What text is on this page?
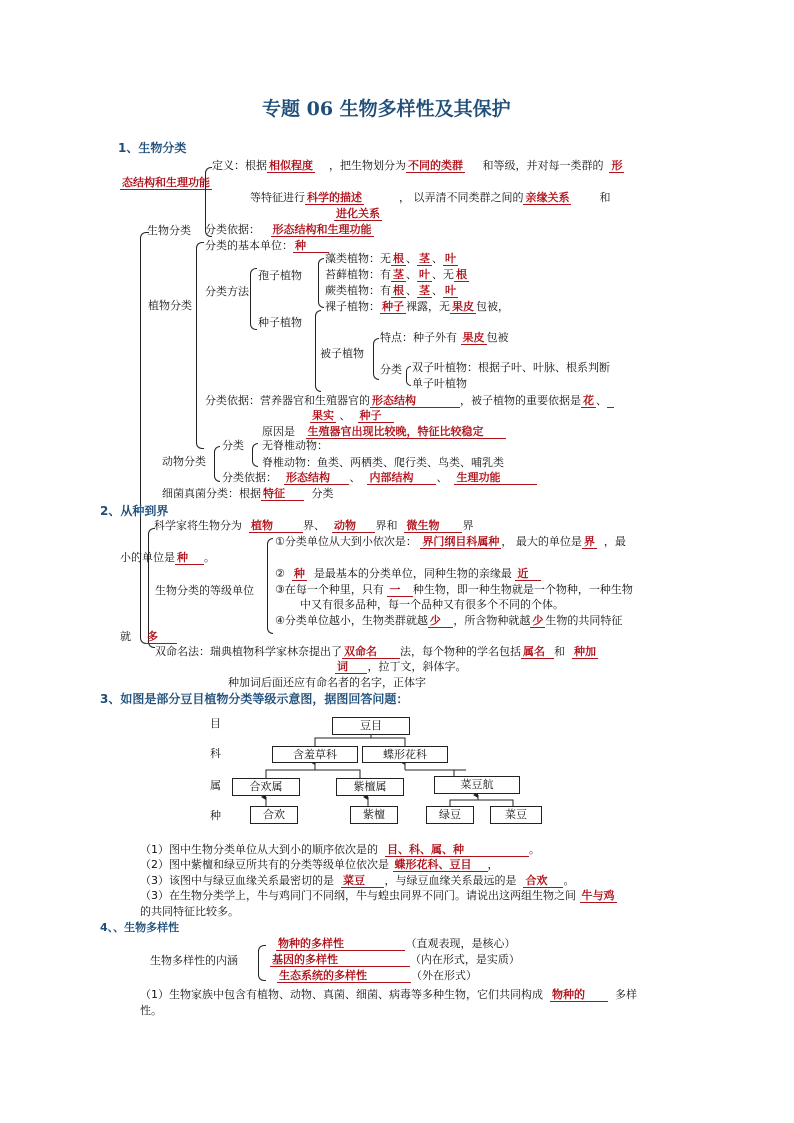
专题 06 生物多样性及其保护
1、生物分类
定义：根据 相似程度 ，把生物划分为 不同的类群 和等级，并对每一类群的 形
态结构和生理功能
等特征进行 科学的描述	， 以弄清不同类群之间的 亲缘关系	和
进化关系
生物分类 分类依据： 形态结构和生理功能
分类的基本单位： 种
植物分类
分类方法
孢子植物
种子植物
藻类植物：无 根 、 茎 、 叶
苔藓植物：有 茎 、 叶 、无 根
蕨类植物：有 根 、 茎 、 叶
裸子植物： 种子 裸露，无 果皮 包被，
被子植物
特点：种子外有 果皮 包被
分类 双子叶植物：根据子叶、叶脉、根系判断
单子叶植物
分类依据：营养器官和生殖器官的 形态结构	，被子植物的重要依据是 花 、
果实 、 种子
原因是 生殖器官出现比较晚，特征比较稳定
动物分类
分类 无脊椎动物：
脊椎动物：鱼类、两栖类、爬行类、鸟类、哺乳类
分类依据： 形态结构 、 内部结构 、 生理功能
细菌真菌分类：根据 特征 分类
2、从种到界
科学家将生物分为 植物	界、 动物 界和 微生物 界
小的单位是 种 。
①分类单位从大到小依次是： 界门纲目科属种 ， 最大的单位是 界 ，最
生物分类的等级单位
②  种 是最基本的分类单位，同种生物的亲缘最 近
③在每一个种里，只有 一 种生物，即一种生物就是一个物种，一种生物
中又有很多品种，每一个品种又有很多个不同的个体。
④分类单位越小，生物类群就越 少 ，所含物种就越 少 生物的共同特征
就 多
双命名法：瑞典植物科学家林奈提出了 双命名 法，每个物种的学名包括 属名 和 种加
词 ，拉丁文，斜体字。
种加词后面还应有命名者的名字，正体字
3、如图是部分豆目植物分类等级示意图，据图回答问题：
目
科
属
种
豆目
含羞草科	蝶形花科
合欢属	紫檀属	菜豆航
合欢	紫檀	绿豆	菜豆
（1）图中生物分类单位从大到小的顺序依次是的 目、科、属、种	。
（2）图中紫檀和绿豆所共有的分类等级单位依次是 蝶形花科、豆目 ，
（3）该图中与绿豆血缘关系最密切的是 菜豆 ，与绿豆血缘关系最远的是 合欢 。
（3）在生物分类学上，牛与鸡同门不同纲，牛与蝗虫同界不同门。请说出这两组生物之间 牛与鸡
的共同特征比较多。
4、、生物多样性
生物多样性的内涵
物种的多样性	（直观表现，是核心）
基因的多样性	（内在形式，是实质）
生态系统的多样性	（外在形式）
（1）生物家族中包含有植物、动物、真菌、细菌、病毒等多种生物，它们共同构成 物种的	多样
性。
